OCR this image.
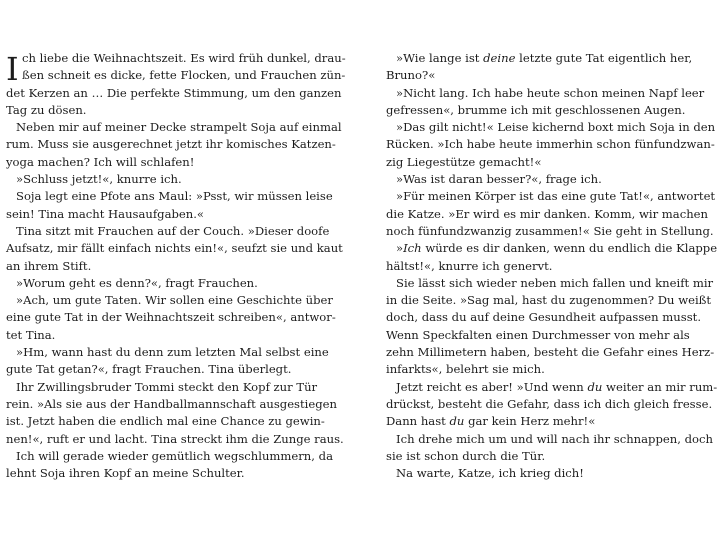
I ch liebe die Weihnachtszeit. Es wird früh dunkel, drau-
ßen schneit es dicke, fette Flocken, und Frauchen zün-
det Kerzen an … Die perfekte Stimmung, um den ganzen
Tag zu dösen.
Neben mir auf meiner Decke strampelt Soja auf einmal
rum. Muss sie ausgerechnet jetzt ihr komisches Katzen-
yoga machen? Ich will schlafen!
»Schluss jetzt!«, knurre ich.
Soja legt eine Pfote ans Maul: »Psst, wir müssen leise
sein! Tina macht Hausaufgaben.«
Tina sitzt mit Frauchen auf der Couch. »Dieser doofe
Aufsatz, mir fällt einfach nichts ein!«, seufzt sie und kaut
an ihrem Stift.
»Worum geht es denn?«, fragt Frauchen.
»Ach, um gute Taten. Wir sollen eine Geschichte über
eine gute Tat in der Weihnachtszeit schreiben«, antwor-
tet Tina.
»Hm, wann hast du denn zum letzten Mal selbst eine
gute Tat getan?«, fragt Frauchen. Tina überlegt.
Ihr Zwillingsbruder Tommi steckt den Kopf zur Tür
rein. »Als sie aus der Handballmannschaft ausgestiegen
ist. Jetzt haben die endlich mal eine Chance zu gewin-
nen!«, ruft er und lacht. Tina streckt ihm die Zunge raus.
Ich will gerade wieder gemütlich wegschlummern, da
lehnt Soja ihren Kopf an meine Schulter.
»Wie lange ist deine letzte gute Tat eigentlich her,
Bruno?«
»Nicht lang. Ich habe heute schon meinen Napf leer
gefressen«, brumme ich mit geschlossenen Augen.
»Das gilt nicht!« Leise kichernd boxt mich Soja in den
Rücken. »Ich habe heute immerhin schon fünfundzwan-
zig Liegestütze gemacht!«
»Was ist daran besser?«, frage ich.
»Für meinen Körper ist das eine gute Tat!«, antwortet
die Katze. »Er wird es mir danken. Komm, wir machen
noch fünfundzwanzig zusammen!« Sie geht in Stellung.
»Ich würde es dir danken, wenn du endlich die Klappe
hältst!«, knurre ich genervt.
Sie lässt sich wieder neben mich fallen und kneift mir
in die Seite. »Sag mal, hast du zugenommen? Du weißt
doch, dass du auf deine Gesundheit aufpassen musst.
Wenn Speckfalten einen Durchmesser von mehr als
zehn Millimetern haben, besteht die Gefahr eines Herz-
infarkts«, belehrt sie mich.
Jetzt reicht es aber! »Und wenn du weiter an mir rum-
drückst, besteht die Gefahr, dass ich dich gleich fresse.
Dann hast du gar kein Herz mehr!«
Ich drehe mich um und will nach ihr schnappen, doch
sie ist schon durch die Tür.
Na warte, Katze, ich krieg dich!
